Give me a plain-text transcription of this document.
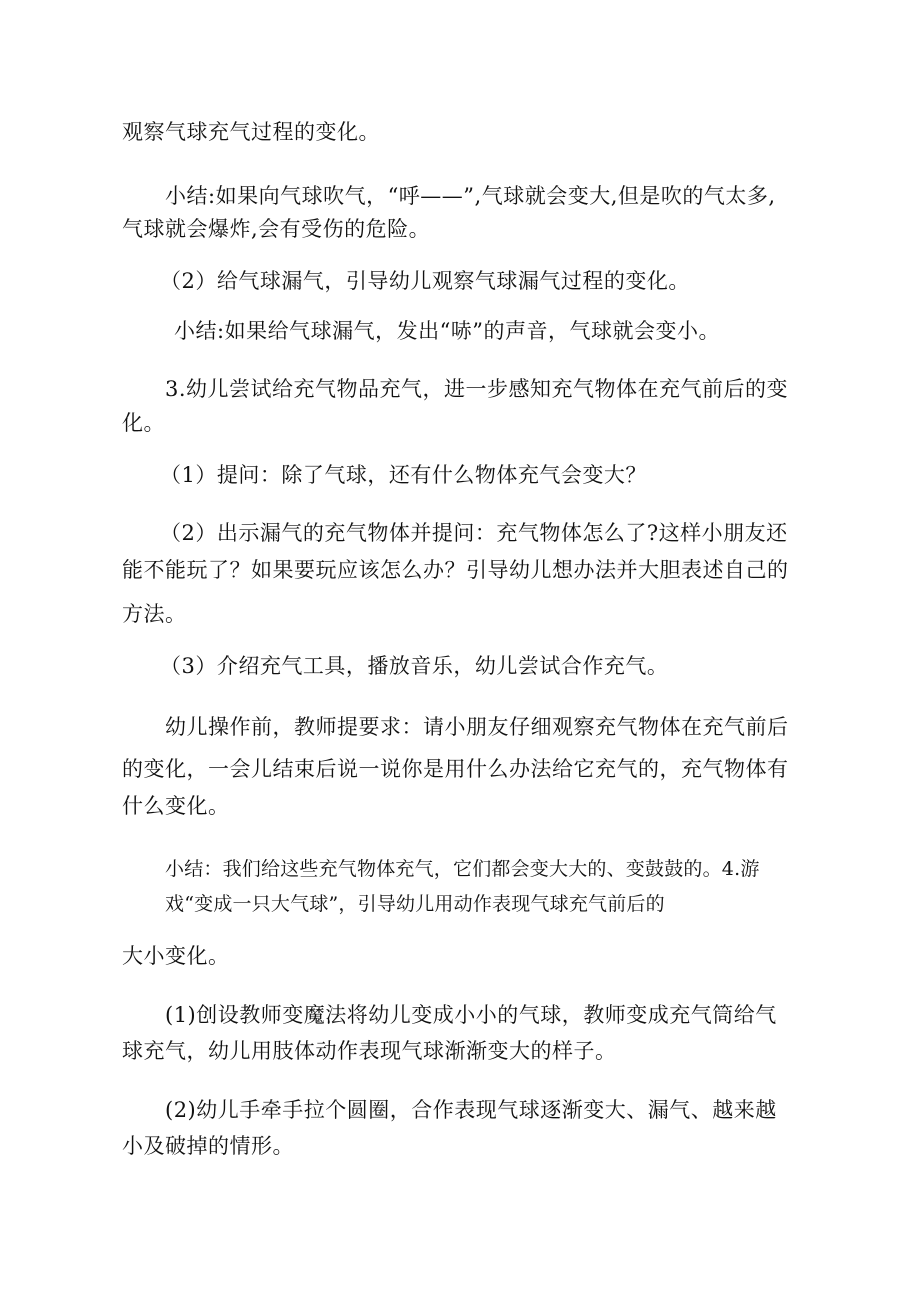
观察气球充气过程的变化。
小结:如果向气球吹气，“呼——”,气球就会变大,但是吹的气太多,
气球就会爆炸,会有受伤的危险。
（2）给气球漏气，引导幼儿观察气球漏气过程的变化。
小结:如果给气球漏气，发出“哧”的声音，气球就会变小。
3.幼儿尝试给充气物品充气，进一步感知充气物体在充气前后的变
化。
（1）提问：除了气球，还有什么物体充气会变大？
（2）出示漏气的充气物体并提问：充气物体怎么了?这样小朋友还
能不能玩了？如果要玩应该怎么办？引导幼儿想办法并大胆表述自己的
方法。
（3）介绍充气工具，播放音乐，幼儿尝试合作充气。
幼儿操作前，教师提要求：请小朋友仔细观察充气物体在充气前后
的变化，一会儿结束后说一说你是用什么办法给它充气的，充气物体有
什么变化。
小结：我们给这些充气物体充气，它们都会变大大的、变鼓鼓的。4.游
戏“变成一只大气球”，引导幼儿用动作表现气球充气前后的
大小变化。
(1)创设教师变魔法将幼儿变成小小的气球，教师变成充气筒给气
球充气，幼儿用肢体动作表现气球渐渐变大的样子。
(2)幼儿手牵手拉个圆圈，合作表现气球逐渐变大、漏气、越来越
小及破掉的情形。
